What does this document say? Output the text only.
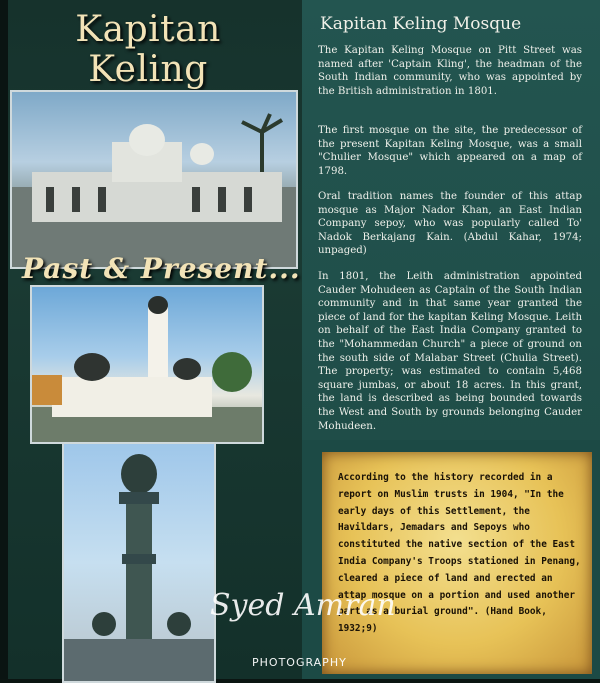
Kapitan Keling
Past & Present...
Kapitan Keling Mosque
The Kapitan Keling Mosque on Pitt Street was named after 'Captain Kling', the headman of the South Indian community, who was appointed by the British administration in 1801.
The first mosque on the site, the predecessor of the present Kapitan Keling Mosque, was a small "Chulier Mosque" which appeared on a map of 1798.
Oral tradition names the founder of this attap mosque as Major Nador Khan, an East Indian Company sepoy, who was popularly called To' Nadok Berkajang Kain. (Abdul Kahar, 1974; unpaged)
In 1801, the Leith administration appointed Cauder Mohudeen as Captain of the South Indian community and in that same year granted the piece of land for the kapitan Keling Mosque. Leith on behalf of the East India Company granted to the "Mohammedan Church" a piece of ground on the south side of Malabar Street (Chulia Street). The property; was estimated to contain 5,468 square jumbas, or about 18 acres. In this grant, the land is described as being bounded towards the West and South by grounds belonging Cauder Mohudeen.
According to the history recorded in a report on Muslim trusts in 1904, "In the early days of this Settlement, the Havildars, Jemadars and Sepoys who constituted the native section of the East India Company's Troops stationed in Penang, cleared a piece of land and erected an attap mosque on a portion and used another part as a burial ground". (Hand Book, 1932;9)
Syed Amran
PHOTOGRAPHY
